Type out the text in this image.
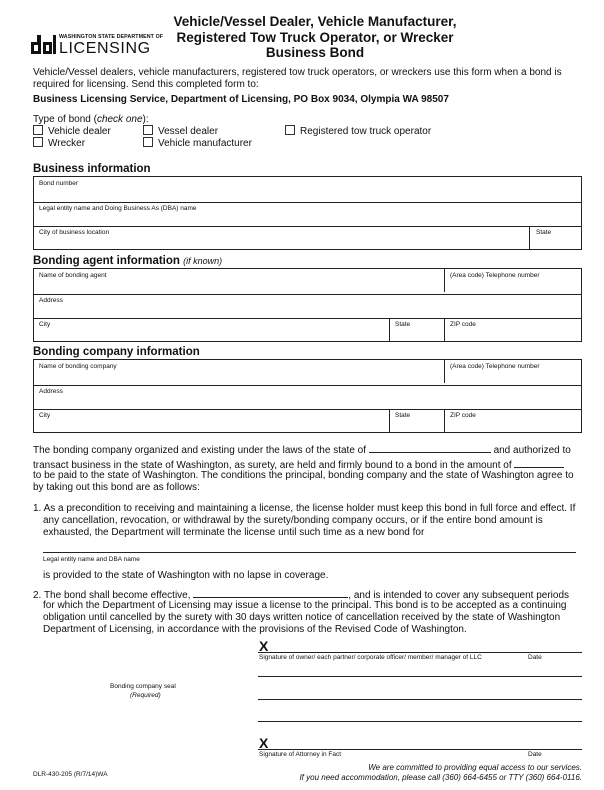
WASHINGTON STATE DEPARTMENT OF
LICENSING
Vehicle/Vessel Dealer, Vehicle Manufacturer,
Registered Tow Truck Operator, or Wrecker
Business Bond
Vehicle/Vessel dealers, vehicle manufacturers, registered tow truck operators, or wreckers use this form when a bond is required for licensing. Send this completed form to:
Business Licensing Service, Department of Licensing, PO Box 9034, Olympia WA 98507
Type of bond (check one):
Vehicle dealer	Vessel dealer	Registered tow truck operator
Wrecker	Vehicle manufacturer
Business information
Bond number
Legal entity name and Doing Business As (DBA) name
City of business location	State
Bonding agent information (if known)
Name of bonding agent	(Area code) Telephone number
Address
City	State	ZIP code
Bonding company information
Name of bonding company	(Area code) Telephone number
Address
City	State	ZIP code
The bonding company organized and existing under the laws of the state of	and authorized to
transact business in the state of Washington, as surety, are held and firmly bound to a bond in the amount of
to be paid to the state of Washington. The conditions the principal, bonding company and the state of Washington agree to by taking out this bond are as follows:
1. As a precondition to receiving and maintaining a license, the license holder must keep this bond in full force and effect. If any cancellation, revocation, or withdrawal by the surety/bonding company occurs, or if the entire bond amount is exhausted, the Department will terminate the license until such time as a new bond for
Legal entity name and DBA name
is provided to the state of Washington with no lapse in coverage.
2. The bond shall become effective,	, and is intended to cover any subsequent periods
for which the Department of Licensing may issue a license to the principal. This bond is to be accepted as a continuing obligation until cancelled by the surety with 30 days written notice of cancellation received by the state of Washington Department of Licensing, in accordance with the provisions of the Revised Code of Washington.
X
Signature of owner/ each partner/ corporate officer/ member/ manager of LLC	Date
Bonding company seal
(Required)
X
Signature of Attorney in Fact	Date
DLR-430-205 (R/7/14)WA
We are committed to providing equal access to our services.
If you need accommodation, please call (360) 664-6455 or TTY (360) 664-0116.
